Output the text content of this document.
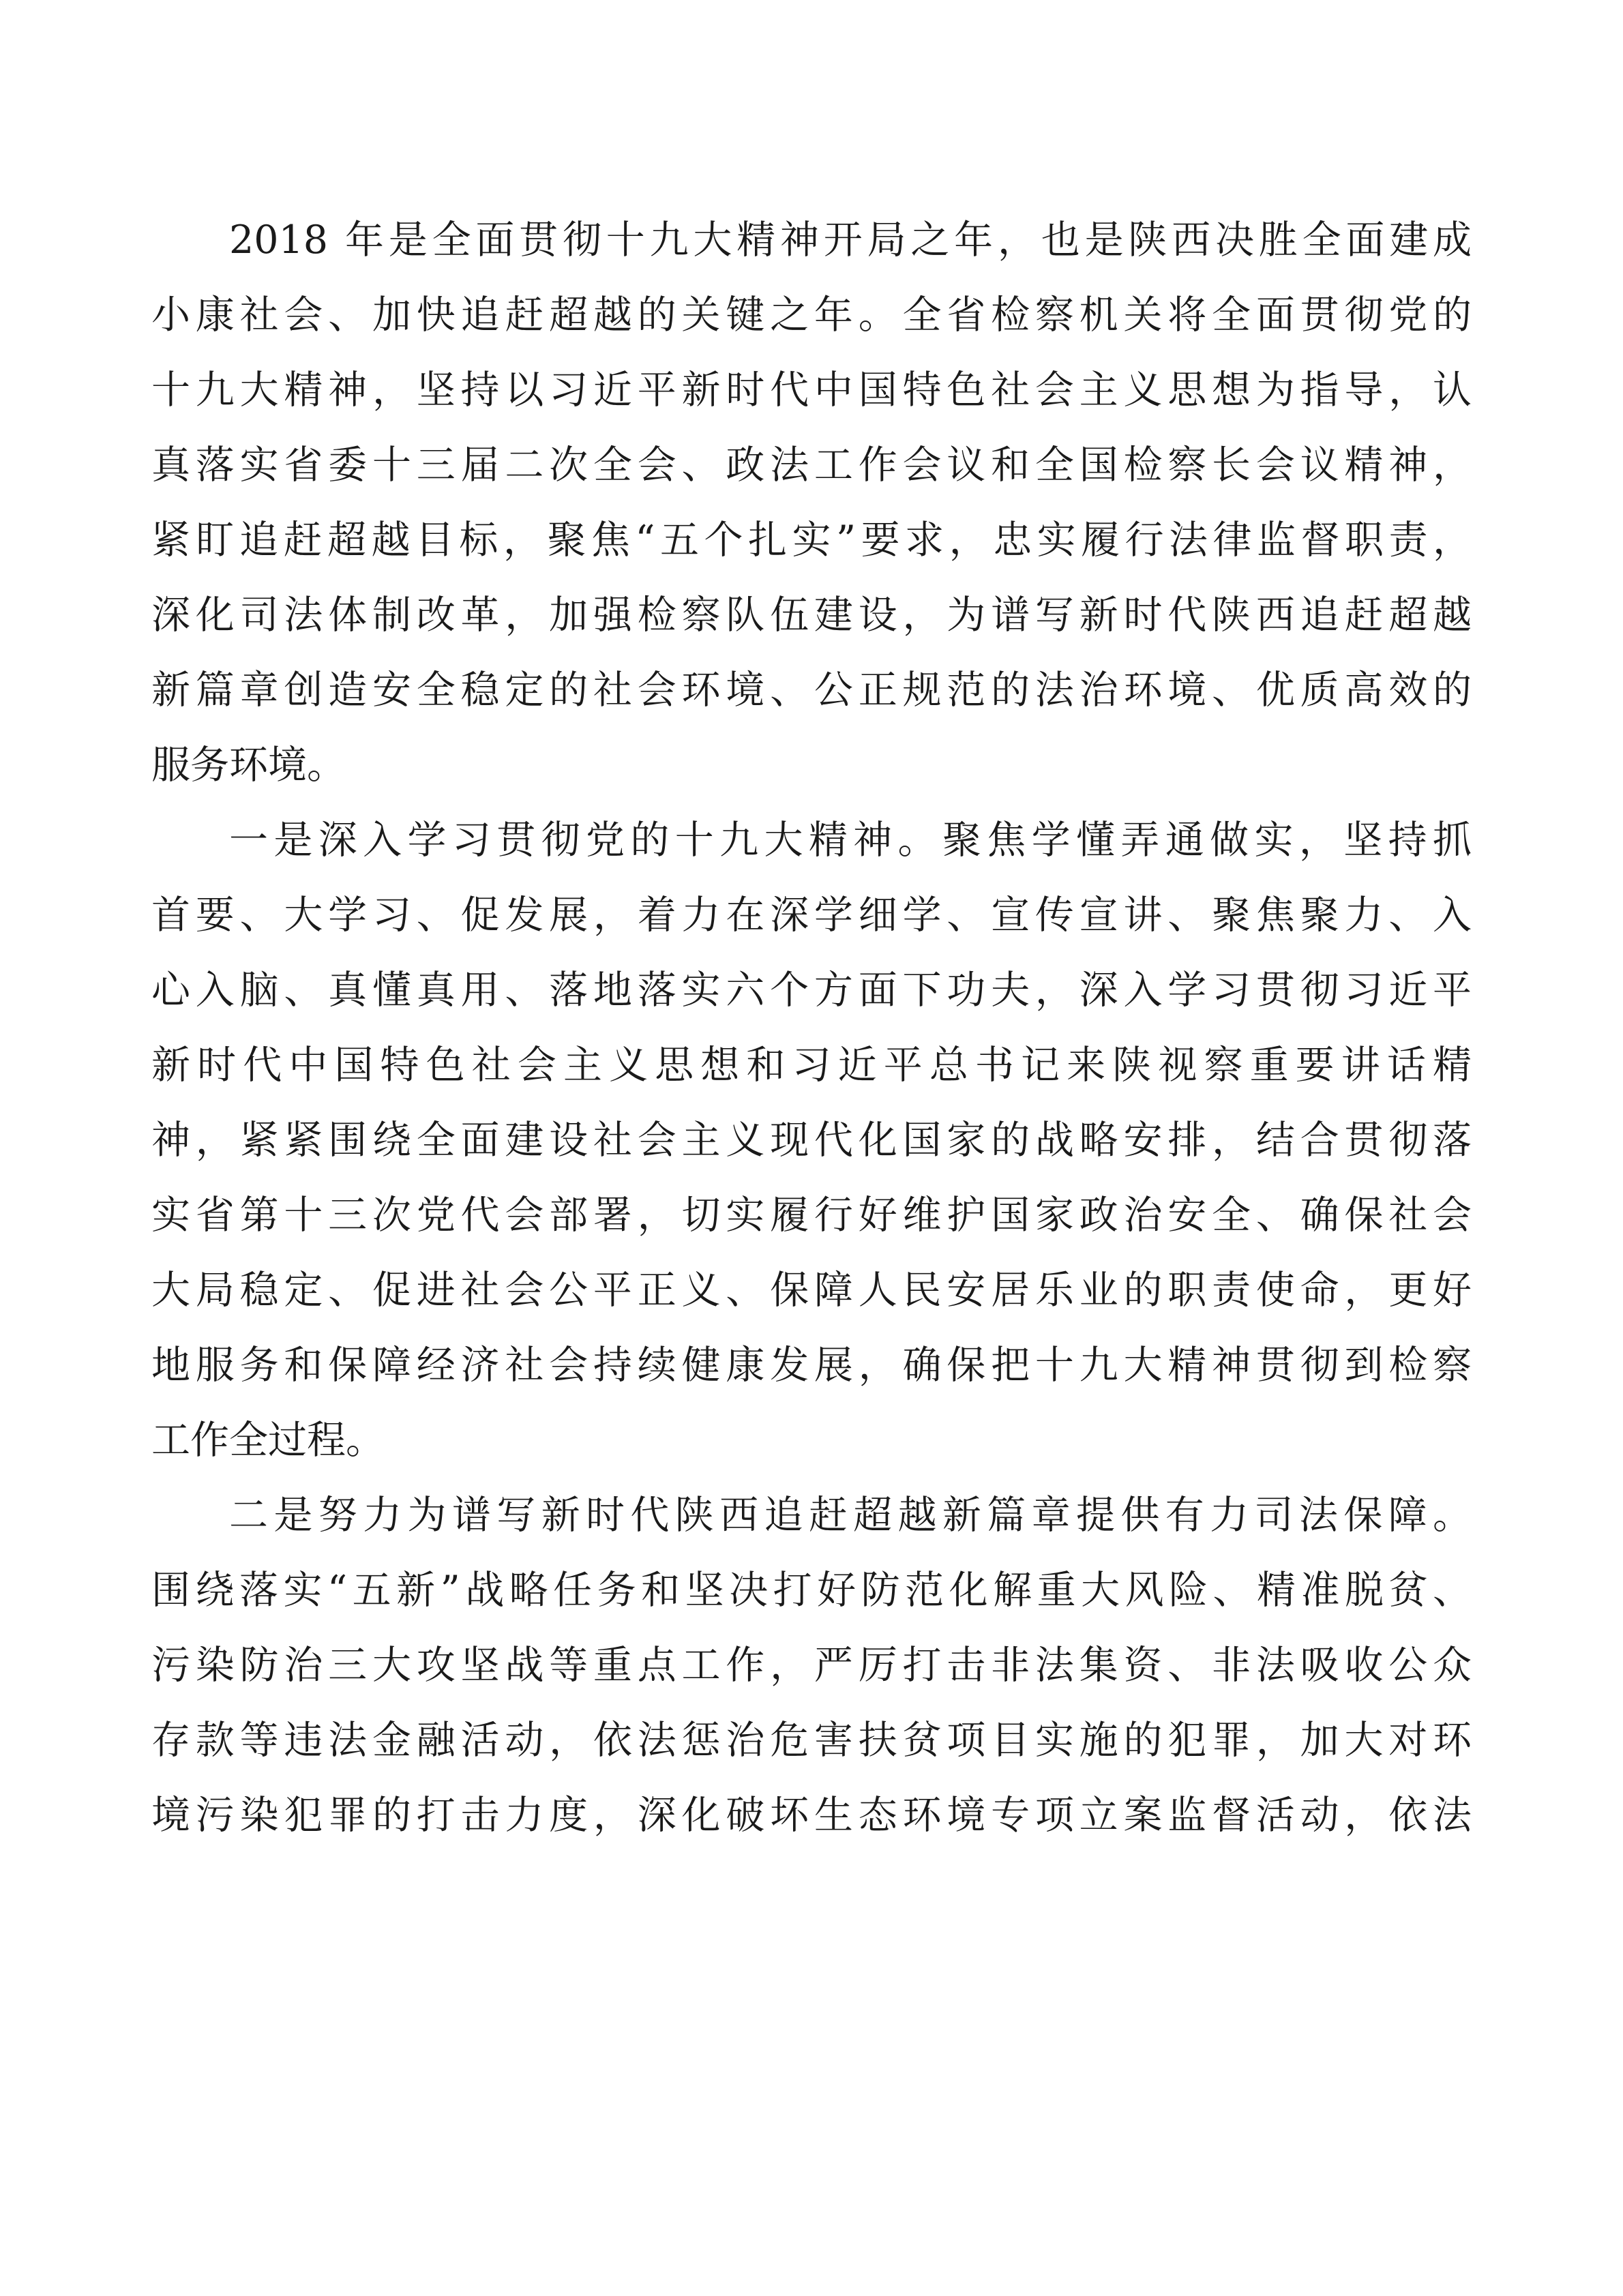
2018 年是全面贯彻十九大精神开局之年，也是陕西决胜全面建成

小康社会、加快追赶超越的关键之年。全省检察机关将全面贯彻党的

十九大精神，坚持以习近平新时代中国特色社会主义思想为指导，认

真落实省委十三届二次全会、政法工作会议和全国检察长会议精神，

紧盯追赶超越目标，聚焦“五个扎实”要求，忠实履行法律监督职责，

深化司法体制改革，加强检察队伍建设，为谱写新时代陕西追赶超越

新篇章创造安全稳定的社会环境、公正规范的法治环境、优质高效的

服务环境。

一是深入学习贯彻党的十九大精神。聚焦学懂弄通做实，坚持抓

首要、大学习、促发展，着力在深学细学、宣传宣讲、聚焦聚力、入

心入脑、真懂真用、落地落实六个方面下功夫，深入学习贯彻习近平

新时代中国特色社会主义思想和习近平总书记来陕视察重要讲话精

神，紧紧围绕全面建设社会主义现代化国家的战略安排，结合贯彻落

实省第十三次党代会部署，切实履行好维护国家政治安全、确保社会

大局稳定、促进社会公平正义、保障人民安居乐业的职责使命，更好

地服务和保障经济社会持续健康发展，确保把十九大精神贯彻到检察

工作全过程。

二是努力为谱写新时代陕西追赶超越新篇章提供有力司法保障。

围绕落实“五新”战略任务和坚决打好防范化解重大风险、精准脱贫、

污染防治三大攻坚战等重点工作，严厉打击非法集资、非法吸收公众

存款等违法金融活动，依法惩治危害扶贫项目实施的犯罪，加大对环

境污染犯罪的打击力度，深化破坏生态环境专项立案监督活动，依法
